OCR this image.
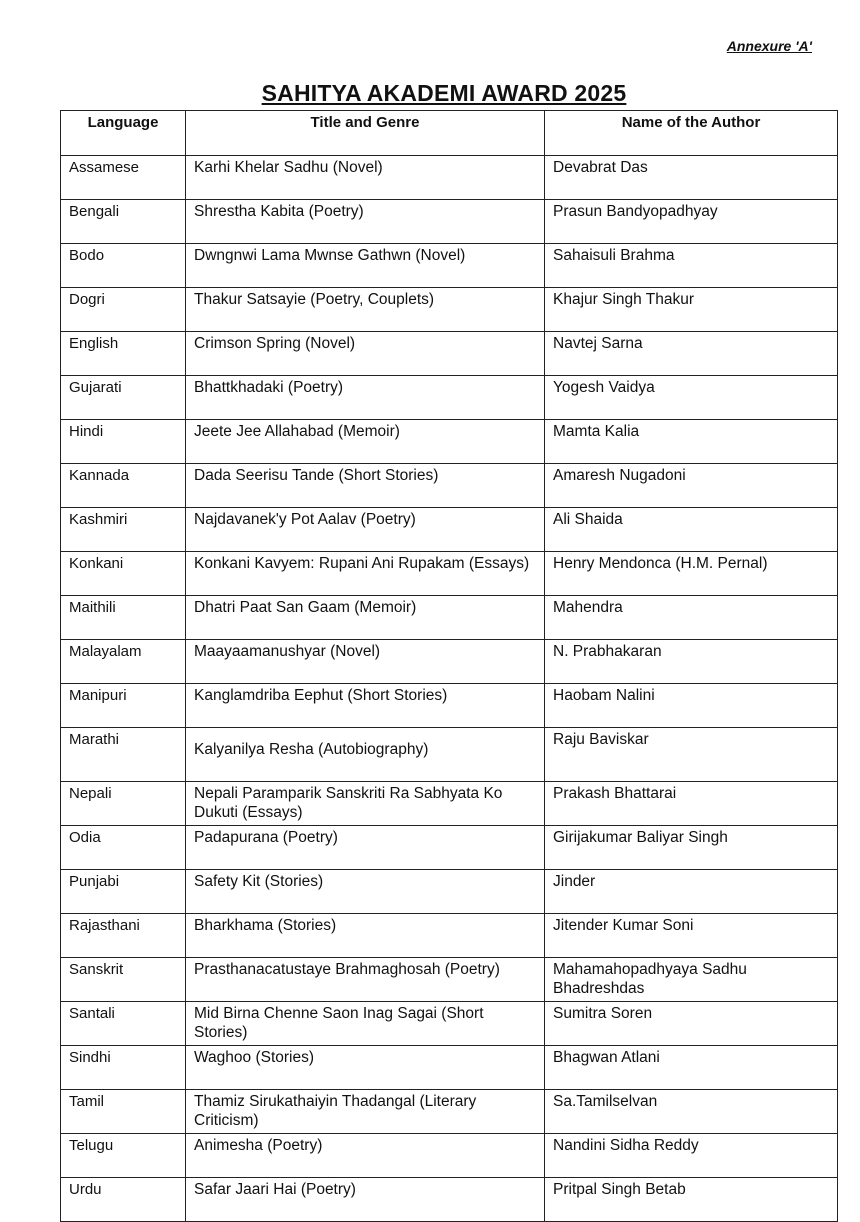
Annexure 'A'
SAHITYA AKADEMI AWARD 2025
Language	Title and Genre	Name of the Author
Assamese	Karhi Khelar Sadhu (Novel)	Devabrat Das
Bengali	Shrestha Kabita (Poetry)	Prasun Bandyopadhyay
Bodo	Dwngnwi Lama Mwnse Gathwn (Novel)	Sahaisuli Brahma
Dogri	Thakur Satsayie (Poetry, Couplets)	Khajur Singh Thakur
English	Crimson Spring (Novel)	Navtej Sarna
Gujarati	Bhattkhadaki (Poetry)	Yogesh Vaidya
Hindi	Jeete Jee Allahabad (Memoir)	Mamta Kalia
Kannada	Dada Seerisu Tande (Short Stories)	Amaresh Nugadoni
Kashmiri	Najdavanek'y Pot Aalav (Poetry)	Ali Shaida
Konkani	Konkani Kavyem: Rupani Ani Rupakam (Essays)	Henry Mendonca (H.M. Pernal)
Maithili	Dhatri Paat San Gaam (Memoir)	Mahendra
Malayalam	Maayaamanushyar (Novel)	N. Prabhakaran
Manipuri	Kanglamdriba Eephut (Short Stories)	Haobam Nalini
Marathi	Kalyanilya Resha (Autobiography)	Raju Baviskar
Nepali	Nepali Paramparik Sanskriti Ra Sabhyata Ko Dukuti (Essays)	Prakash Bhattarai
Odia	Padapurana (Poetry)	Girijakumar Baliyar Singh
Punjabi	Safety Kit (Stories)	Jinder
Rajasthani	Bharkhama (Stories)	Jitender Kumar Soni
Sanskrit	Prasthanacatustaye Brahmaghosah (Poetry)	Mahamahopadhyaya Sadhu Bhadreshdas
Santali	Mid Birna Chenne Saon Inag Sagai (Short Stories)	Sumitra Soren
Sindhi	Waghoo (Stories)	Bhagwan Atlani
Tamil	Thamiz Sirukathaiyin Thadangal (Literary Criticism)	Sa.Tamilselvan
Telugu	Animesha (Poetry)	Nandini Sidha Reddy
Urdu	Safar Jaari Hai (Poetry)	Pritpal Singh Betab
